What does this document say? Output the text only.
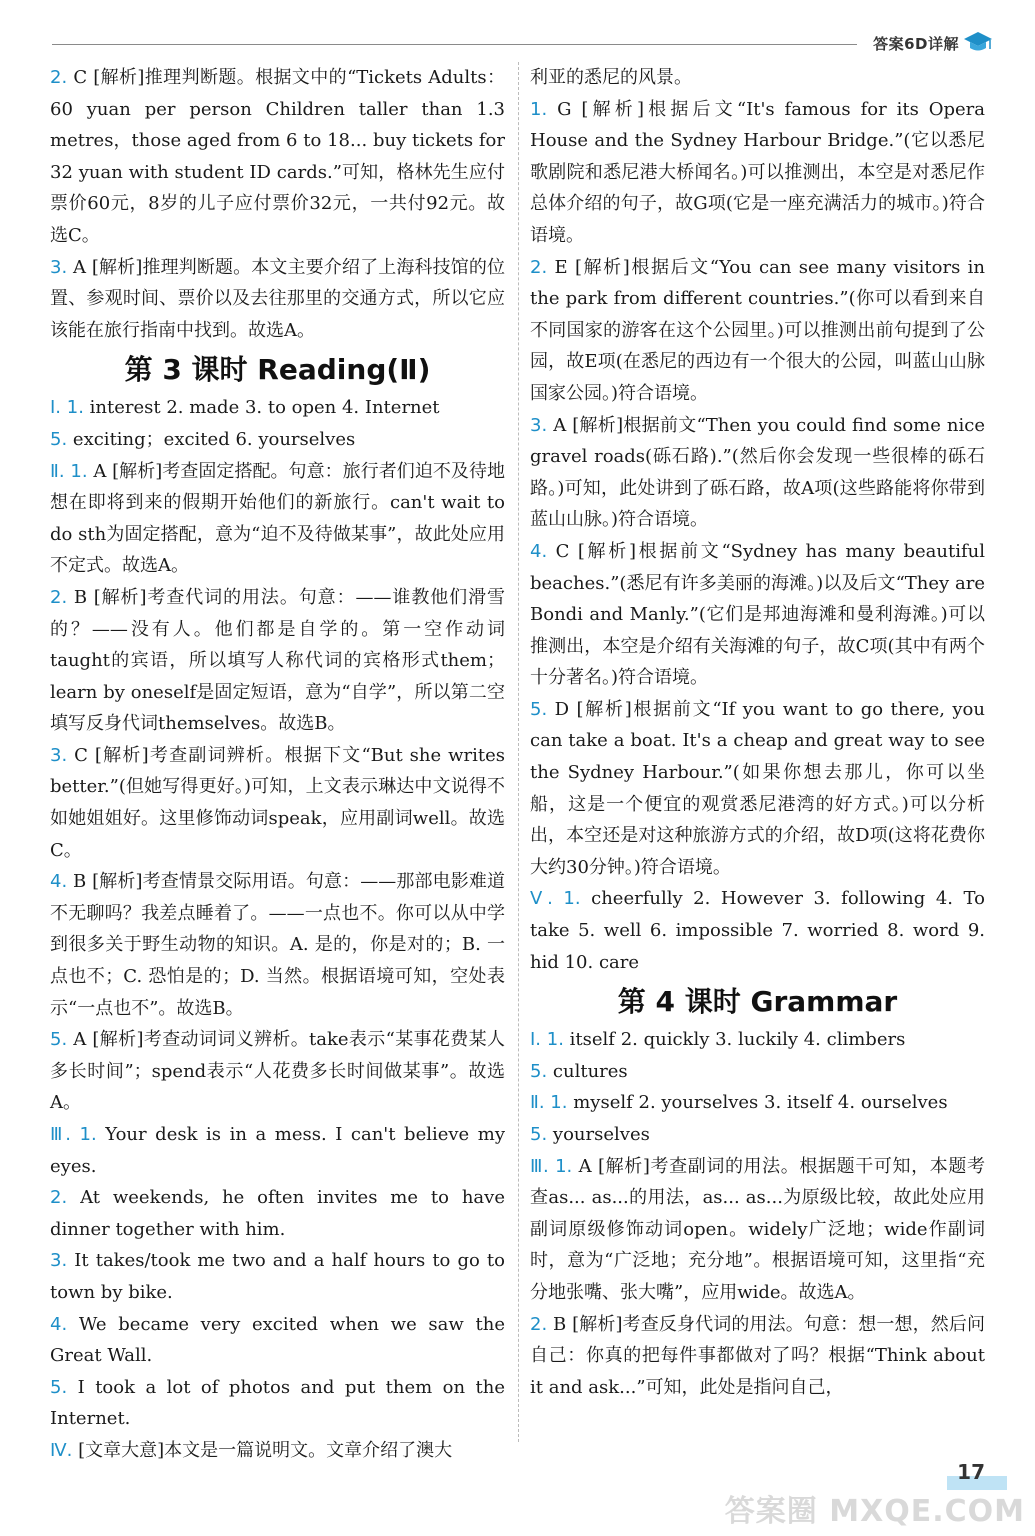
答案6D详解

2. C [解析]推理判断题。根据文中的“Tickets Adults：60 yuan per person Children taller than 1.3 metres，those aged from 6 to 18... buy tickets for 32 yuan with student ID cards.”可知，格林先生应付票价60元，8岁的儿子应付票价32元，一共付92元。故选C。

3. A [解析]推理判断题。本文主要介绍了上海科技馆的位置、参观时间、票价以及去往那里的交通方式，所以它应该能在旅行指南中找到。故选A。

第 3 课时 Reading(Ⅱ)

Ⅰ. 1. interest 2. made 3. to open 4. Internet

5. exciting；excited 6. yourselves

Ⅱ. 1. A [解析]考查固定搭配。句意：旅行者们迫不及待地想在即将到来的假期开始他们的新旅行。can't wait to do sth为固定搭配，意为“迫不及待做某事”，故此处应用不定式。故选A。

2. B [解析]考查代词的用法。句意：——谁教他们滑雪的？——没有人。他们都是自学的。第一空作动词taught的宾语，所以填写人称代词的宾格形式them；learn by oneself是固定短语，意为“自学”，所以第二空填写反身代词themselves。故选B。

3. C [解析]考查副词辨析。根据下文“But she writes better.”(但她写得更好。)可知，上文表示琳达中文说得不如她姐姐好。这里修饰动词speak，应用副词well。故选C。

4. B [解析]考查情景交际用语。句意：——那部电影难道不无聊吗？我差点睡着了。——一点也不。你可以从中学到很多关于野生动物的知识。A. 是的，你是对的；B. 一点也不；C. 恐怕是的；D. 当然。根据语境可知，空处表示“一点也不”。故选B。

5. A [解析]考查动词词义辨析。take表示“某事花费某人多长时间”；spend表示“人花费多长时间做某事”。故选A。

Ⅲ. 1. Your desk is in a mess. I can't believe my eyes.

2. At weekends, he often invites me to have dinner together with him.

3. It takes/took me two and a half hours to go to town by bike.

4. We became very excited when we saw the Great Wall.

5. I took a lot of photos and put them on the Internet.

Ⅳ. [文章大意]本文是一篇说明文。文章介绍了澳大

利亚的悉尼的风景。

1. G [解析]根据后文“It's famous for its Opera House and the Sydney Harbour Bridge.”(它以悉尼歌剧院和悉尼港大桥闻名。)可以推测出，本空是对悉尼作总体介绍的句子，故G项(它是一座充满活力的城市。)符合语境。

2. E [解析]根据后文“You can see many visitors in the park from different countries.”(你可以看到来自不同国家的游客在这个公园里。)可以推测出前句提到了公园，故E项(在悉尼的西边有一个很大的公园，叫蓝山山脉国家公园。)符合语境。

3. A [解析]根据前文“Then you could find some nice gravel roads(砾石路).”(然后你会发现一些很棒的砾石路。)可知，此处讲到了砾石路，故A项(这些路能将你带到蓝山山脉。)符合语境。

4. C [解析]根据前文“Sydney has many beautiful beaches.”(悉尼有许多美丽的海滩。)以及后文“They are Bondi and Manly.”(它们是邦迪海滩和曼利海滩。)可以推测出，本空是介绍有关海滩的句子，故C项(其中有两个十分著名。)符合语境。

5. D [解析]根据前文“If you want to go there, you can take a boat. It's a cheap and great way to see the Sydney Harbour.”(如果你想去那儿，你可以坐船，这是一个便宜的观赏悉尼港湾的好方式。)可以分析出，本空还是对这种旅游方式的介绍，故D项(这将花费你大约30分钟。)符合语境。

Ⅴ. 1. cheerfully 2. However 3. following 4. To take 5. well 6. impossible 7. worried 8. word 9. hid 10. care

第 4 课时 Grammar

Ⅰ. 1. itself 2. quickly 3. luckily 4. climbers

5. cultures

Ⅱ. 1. myself 2. yourselves 3. itself 4. ourselves

5. yourselves

Ⅲ. 1. A [解析]考查副词的用法。根据题干可知，本题考查as... as...的用法，as... as...为原级比较，故此处应用副词原级修饰动词open。widely广泛地；wide作副词时，意为“广泛地；充分地”。根据语境可知，这里指“充分地张嘴、张大嘴”，应用wide。故选A。

2. B [解析]考查反身代词的用法。句意：想一想，然后问自己：你真的把每件事都做对了吗？根据“Think about it and ask...”可知，此处是指问自己，

17
答案圈 MXQE.COM
